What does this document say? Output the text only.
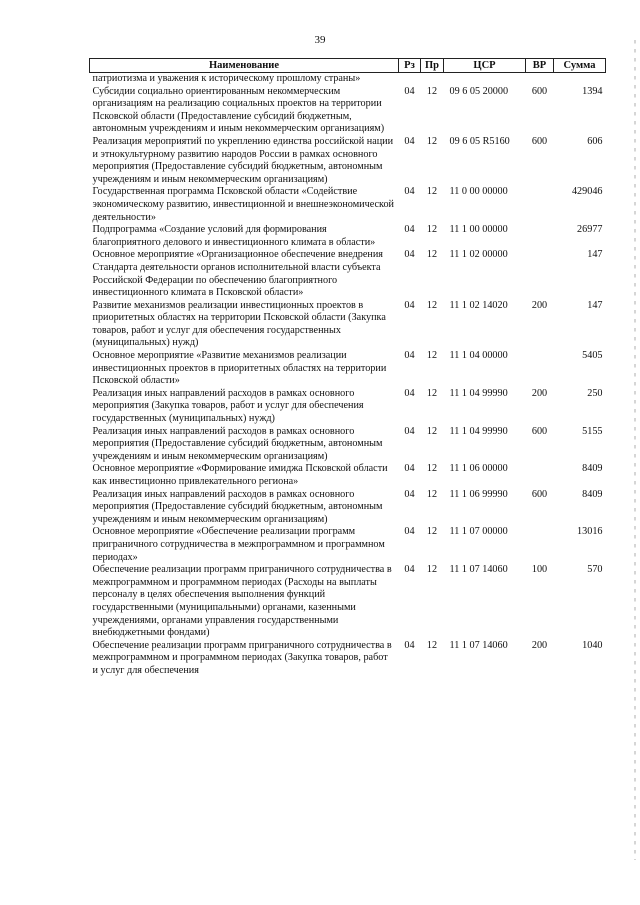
39
Наименование	Рз	Пр	ЦСР	ВР	Сумма
патриотизма и уважения к историческому прошлому страны»					
Субсидии социально ориентированным некоммерческим организациям на реализацию социальных проектов на территории Псковской области (Предоставление субсидий бюджетным, автономным учреждениям и иным некоммерческим организациям)	04	12	09 6 05 20000	600	1394
Реализация мероприятий по укреплению единства российской нации и этнокультурному развитию народов России в рамках основного мероприятия (Предоставление субсидий бюджетным, автономным учреждениям и иным некоммерческим организациям)	04	12	09 6 05 R5160	600	606
Государственная программа Псковской области «Содействие экономическому развитию, инвестиционной и внешнеэкономической деятельности»	04	12	11 0 00 00000		429046
Подпрограмма «Создание условий для формирования благоприятного делового и инвестиционного климата в области»	04	12	11 1 00 00000		26977
Основное мероприятие «Организационное обеспечение внедрения Стандарта деятельности органов исполнительной власти субъекта Российской Федерации по обеспечению благоприятного инвестиционного климата в Псковской области»	04	12	11 1 02 00000		147
Развитие механизмов реализации инвестиционных проектов в приоритетных областях на территории Псковской области (Закупка товаров, работ и услуг для обеспечения государственных (муниципальных) нужд)	04	12	11 1 02 14020	200	147
Основное мероприятие «Развитие механизмов реализации инвестиционных проектов в приоритетных областях на территории Псковской области»	04	12	11 1 04 00000		5405
Реализация иных направлений расходов в рамках основного мероприятия (Закупка товаров, работ и услуг для обеспечения государственных (муниципальных) нужд)	04	12	11 1 04 99990	200	250
Реализация иных направлений расходов в рамках основного мероприятия (Предоставление субсидий бюджетным, автономным учреждениям и иным некоммерческим организациям)	04	12	11 1 04 99990	600	5155
Основное мероприятие «Формирование имиджа Псковской области как инвестиционно привлекательного региона»	04	12	11 1 06 00000		8409
Реализация иных направлений расходов в рамках основного мероприятия (Предоставление субсидий бюджетным, автономным учреждениям и иным некоммерческим организациям)	04	12	11 1 06 99990	600	8409
Основное мероприятие «Обеспечение реализации программ приграничного сотрудничества в межпрограммном и программном периодах»	04	12	11 1 07 00000		13016
Обеспечение реализации программ приграничного сотрудничества в межпрограммном и программном периодах (Расходы на выплаты персоналу в целях обеспечения выполнения функций государственными (муниципальными) органами, казенными учреждениями, органами управления государственными внебюджетными фондами)	04	12	11 1 07 14060	100	570
Обеспечение реализации программ приграничного сотрудничества в межпрограммном и программном периодах (Закупка товаров, работ и услуг для обеспечения	04	12	11 1 07 14060	200	1040
